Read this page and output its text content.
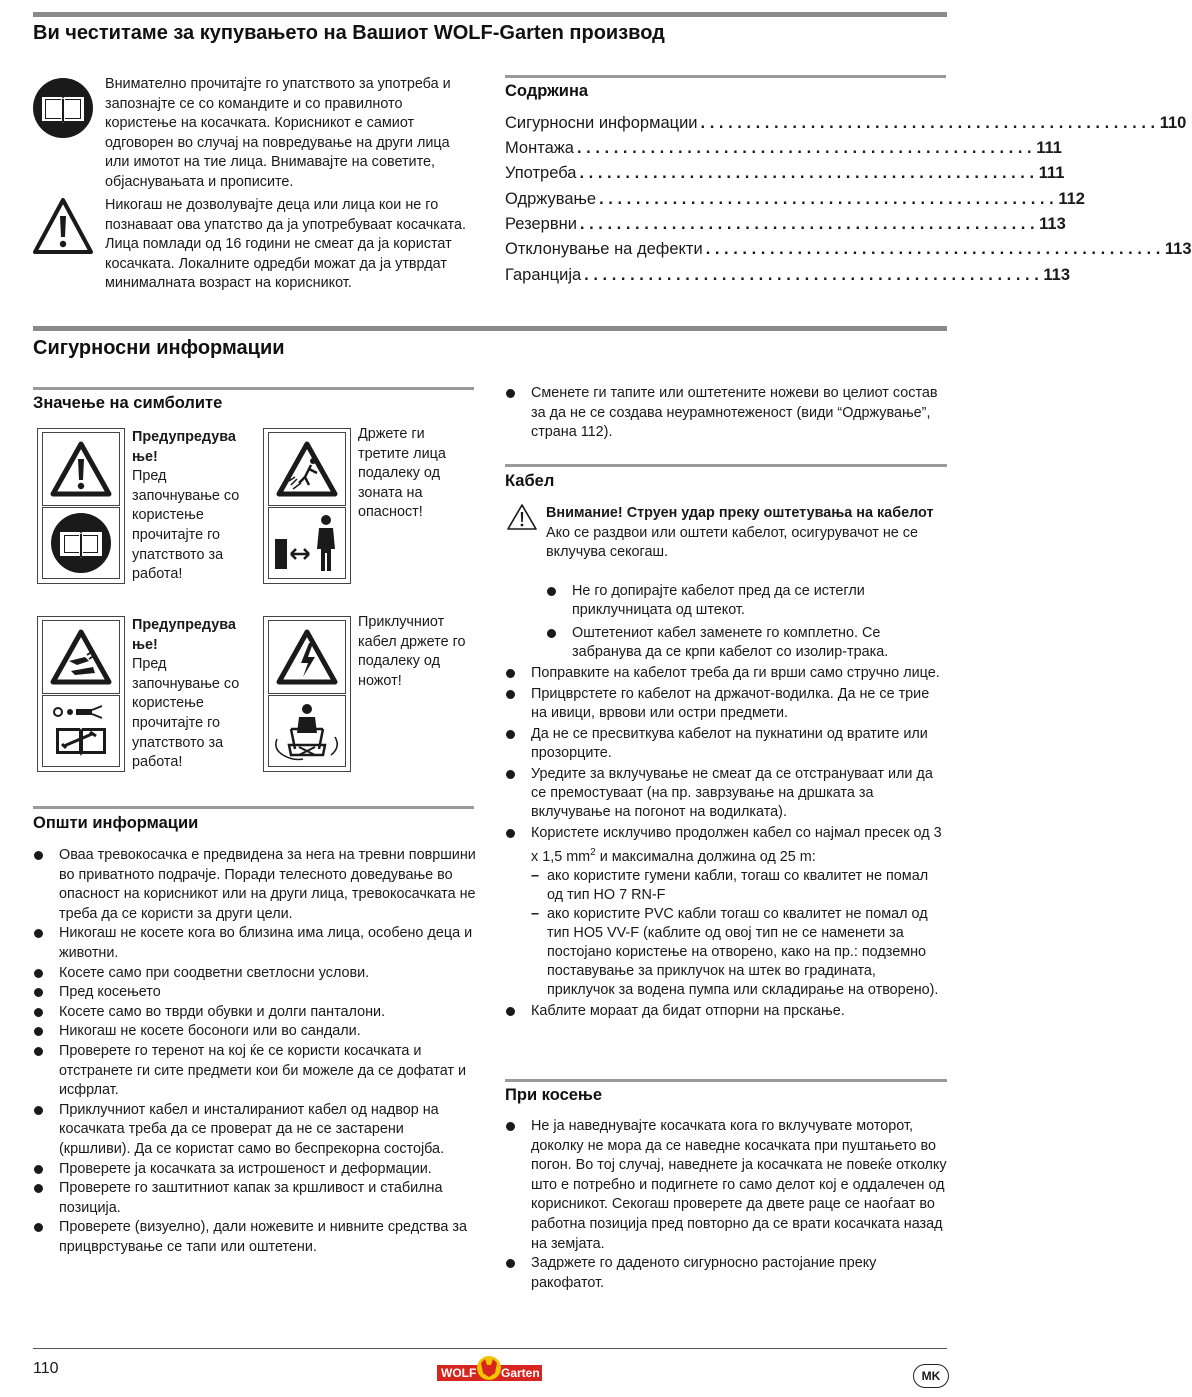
Ви честитаме за купувањето на Вашиот WOLF-Garten производ
Внимателно прочитајте го упатството за употреба и запознајте се со командите и со правилното користење на косачката. Корисникот е самиот одговорен во случај на повредување на други лица или имотот на тие лица. Внимавајте на советите, објаснувањата и прописите.
Никогаш не дозволувајте деца или лица кои не го познаваат ова упатство да ја употребуваат косачката. Лица помлади од 16 години не смеат да ја користат косачката. Локалните одредби можат да ја утврдат минималната возраст на корисникот.
Содржина
Сигурносни информации .................................................. 110
Монтажа .................................................. 111
Употреба .................................................. 111
Одржување .................................................. 112
Резервни .................................................. 113
Отклонување на дефекти .................................................. 113
Гаранција .................................................. 113
Сигурносни информации
Значење на симболите
Предупредува ње!
Пред започнување со користење прочитајте го упатството за работа!
Држете ги третите лица подалеку од зоната на опасност!
Предупредува ње!
Пред започнување со користење прочитајте го упатството за работа!
Приклучниот кабел држете го подалеку од ножот!
Општи информации
Оваа тревокосачка е предвидена за нега на тревни површини во приватното подрачје. Поради телесното доведување во опасност на корисникот или на други лица, тревокосачката не треба да се користи за други цели.
Никогаш не косете кога во близина има лица, особено деца и животни.
Косете само при соодветни светлосни услови.
Пред косењето
Косете само во тврди обувки и долги панталони.
Никогаш не косете босоноги или во сандали.
Проверете го теренот на кој ќе се користи косачката и отстранете ги сите предмети кои би можеле да се дофатат и исфрлат.
Приклучниот кабел и инсталираниот кабел од надвор на косачката треба да се проверат да не се застарени (кршливи). Да се користат само во беспрекорна состојба.
Проверете ја косачката за истрошеност и деформации.
Проверете го заштитниот капак за кршливост и стабилна позиција.
Проверете (визуелно), дали ножевите и нивните средства за прицврстување се тапи или оштетени.
Сменете ги тапите или оштетените ножеви во целиот состав за да не се создава неурамнотеженост (види “Одржување”, страна 112).
Кабел
Внимание! Струен удар преку оштетувања на кабелот
Ако се раздвои или оштети кабелот, осигурувачот не се вклучува секогаш.
Не го допирајте кабелот пред да се истегли приклучницата од штекот.
Оштетениот кабел заменете го комплетно. Се забранува да се крпи кабелот со изолир-трака.
Поправките на кабелот треба да ги врши само стручно лице.
Прицврстете го кабелот на држачот-водилка. Да не се трие на ивици, врвови или остри предмети.
Да не се пресвиткува кабелот на пукнатини од вратите или прозорците.
Уредите за вклучување не смеат да се отстрануваат или да се премостуваат (на пр. заврзување на дршката за вклучување на погонот на водилката).
Користете исклучиво продолжен кабел со најмал пресек од 3 x 1,5 $mm^2$ и максимална должина од 25 m:
– ако користите гумени кабли, тогаш со квалитет не помал од тип HO 7 RN-F
– ако користите PVC кабли тогаш со квалитет не помал од тип HO5 VV-F (каблите од овој тип не се наменети за постојано користење на отворено, како на пр.: подземно поставување за приклучок на штек во градината, приклучок за водена пумпа или складирање на отворено).
Каблите мораат да бидат отпорни на прскање.
При косење
Не ја наведнувајте косачката кога го вклучувате моторот, доколку не мора да се наведне косачката при пуштањето во погон. Во тој случај, наведнете ја косачката не повеќе отколку што е потребно и подигнете го само делот кој е оддалечен од корисникот. Секогаш проверете да двете раце се наоѓаат во работна позиција пред повторно да се врати косачката назад на земјата.
Задржете го даденото сигурносно растојание преку ракофатот.
110	WOLF Garten	MK
